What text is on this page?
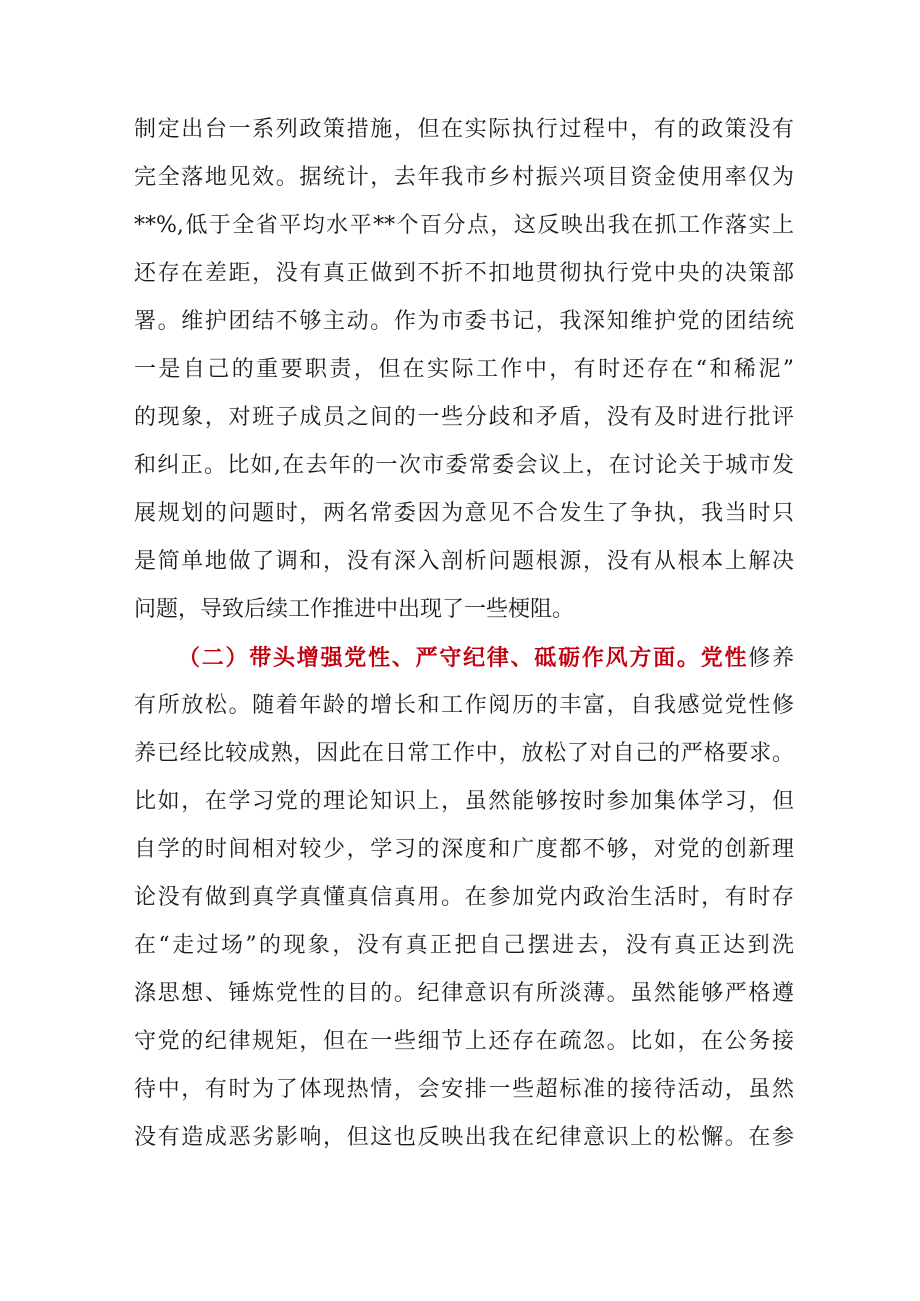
制定出台一系列政策措施，但在实际执行过程中，有的政策没有
完全落地见效。据统计，去年我市乡村振兴项目资金使用率仅为
**%,低于全省平均水平**个百分点，这反映出我在抓工作落实上
还存在差距，没有真正做到不折不扣地贯彻执行党中央的决策部
署。维护团结不够主动。作为市委书记，我深知维护党的团结统
一是自己的重要职责，但在实际工作中，有时还存在“和稀泥”
的现象，对班子成员之间的一些分歧和矛盾，没有及时进行批评
和纠正。比如,在去年的一次市委常委会议上，在讨论关于城市发
展规划的问题时，两名常委因为意见不合发生了争执，我当时只
是简单地做了调和，没有深入剖析问题根源，没有从根本上解决
问题，导致后续工作推进中出现了一些梗阻。
（二）带头增强党性、严守纪律、砥砺作风方面。党性修养
有所放松。随着年龄的增长和工作阅历的丰富，自我感觉党性修
养已经比较成熟，因此在日常工作中，放松了对自己的严格要求。
比如，在学习党的理论知识上，虽然能够按时参加集体学习，但
自学的时间相对较少，学习的深度和广度都不够，对党的创新理
论没有做到真学真懂真信真用。在参加党内政治生活时，有时存
在“走过场”的现象，没有真正把自己摆进去，没有真正达到洗
涤思想、锤炼党性的目的。纪律意识有所淡薄。虽然能够严格遵
守党的纪律规矩，但在一些细节上还存在疏忽。比如，在公务接
待中，有时为了体现热情，会安排一些超标准的接待活动，虽然
没有造成恶劣影响，但这也反映出我在纪律意识上的松懈。在参
